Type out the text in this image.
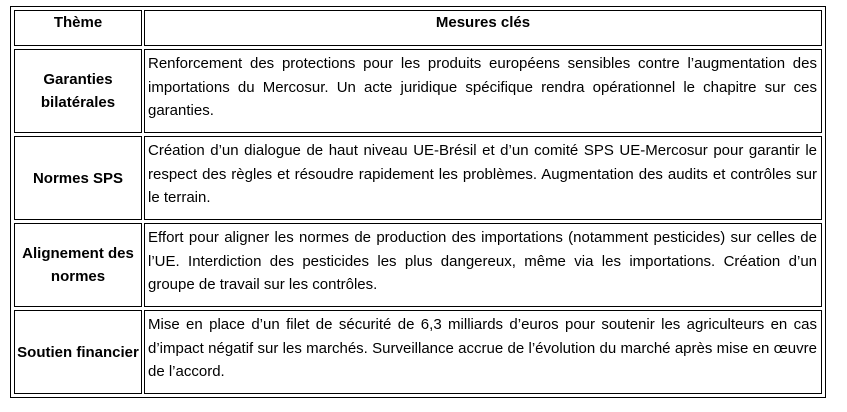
Thème	Mesures clés
Garanties bilatérales
Renforcement des protections pour les produits européens sensibles contre l’augmentation des importations du Mercosur. Un acte juridique spécifique rendra opérationnel le chapitre sur ces garanties.
Normes SPS
Création d’un dialogue de haut niveau UE-Brésil et d’un comité SPS UE-Mercosur pour garantir le respect des règles et résoudre rapidement les problèmes. Augmentation des audits et contrôles sur le terrain.
Alignement des normes
Effort pour aligner les normes de production des importations (notamment pesticides) sur celles de l’UE. Interdiction des pesticides les plus dangereux, même via les importations. Création d’un groupe de travail sur les contrôles.
Soutien financier
Mise en place d’un filet de sécurité de 6,3 milliards d’euros pour soutenir les agriculteurs en cas d’impact négatif sur les marchés. Surveillance accrue de l’évolution du marché après mise en œuvre de l’accord.
